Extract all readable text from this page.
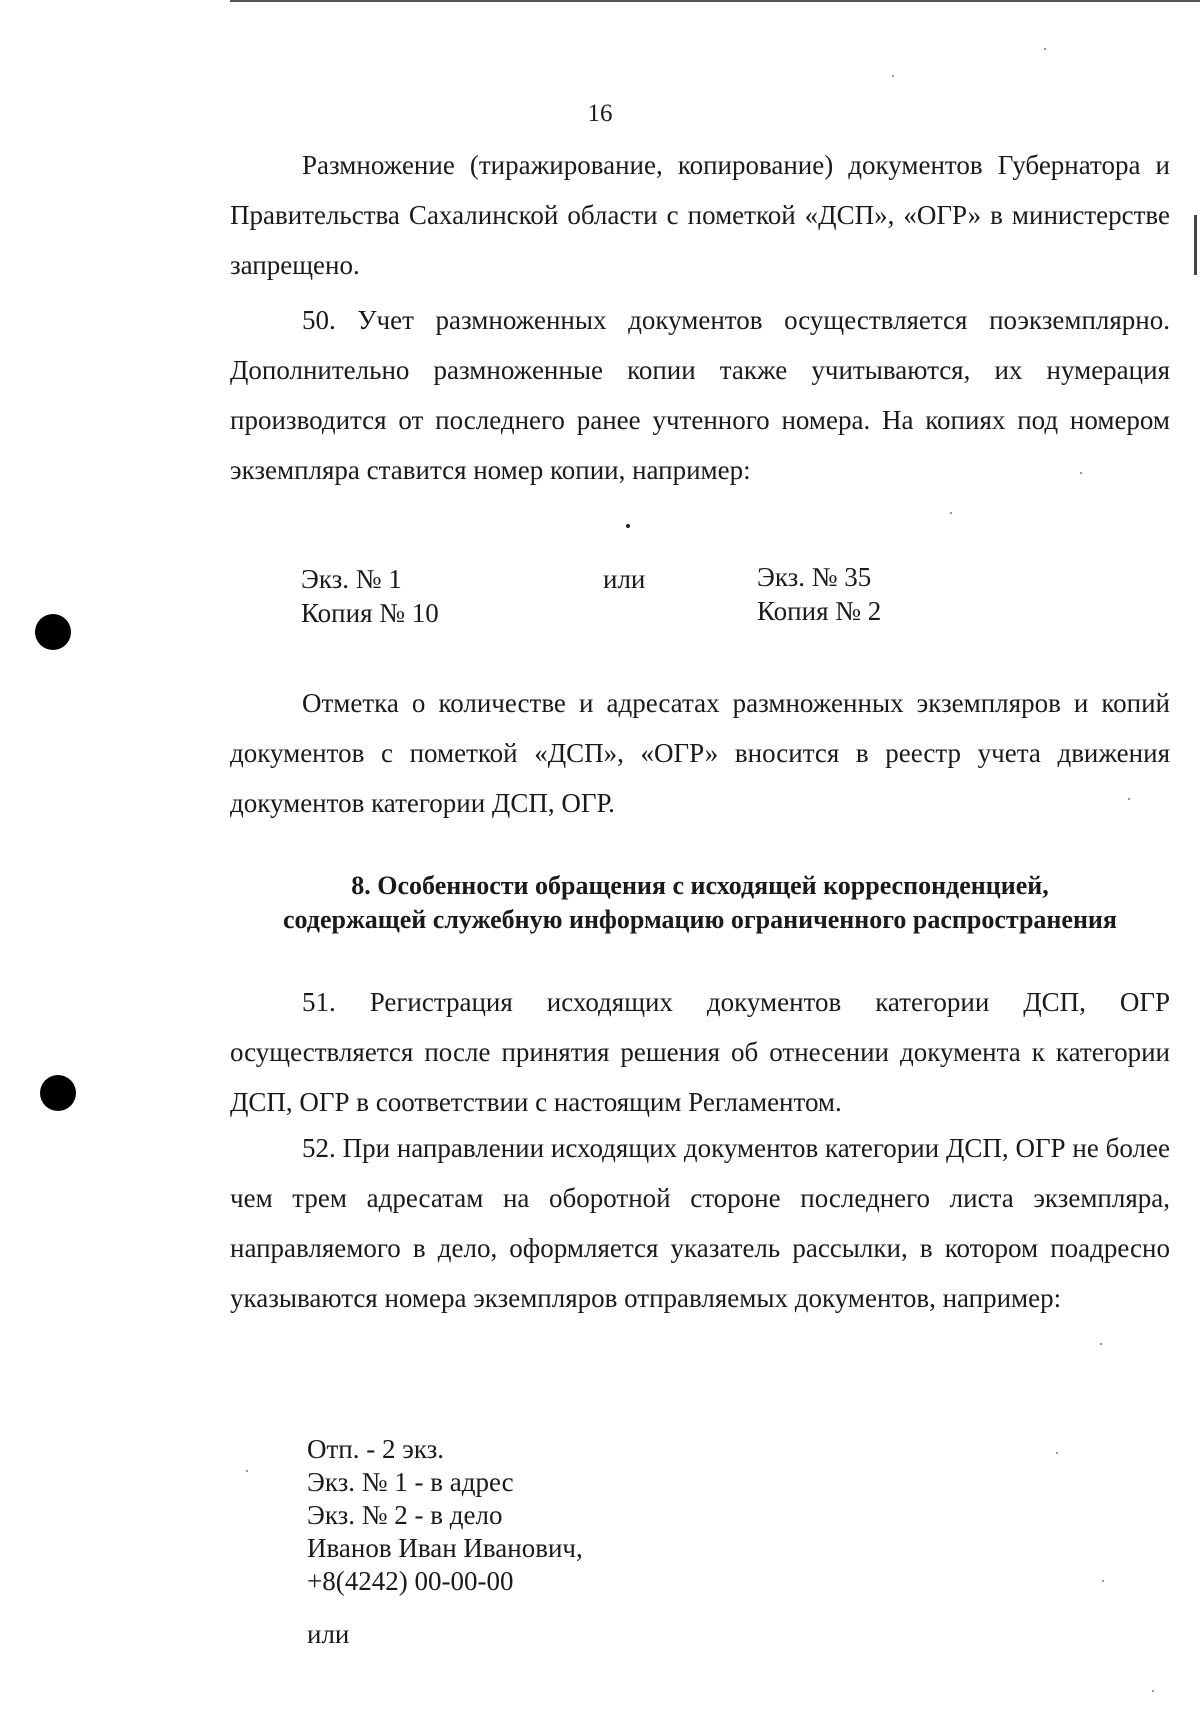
16

Размножение (тиражирование, копирование) документов Губернатора и Правительства Сахалинской области с пометкой «ДСП», «ОГР» в министерстве запрещено.

50. Учет размноженных документов осуществляется поэкземплярно. Дополнительно размноженные копии также учитываются, их нумерация производится от последнего ранее учтенного номера. На копиях под номером экземпляра ставится номер копии, например:

Экз. № 1
Копия № 10
или	Экз. № 35
Копия № 2

Отметка о количестве и адресатах размноженных экземпляров и копий документов с пометкой «ДСП», «ОГР» вносится в реестр учета движения документов категории ДСП, ОГР.

8. Особенности обращения с исходящей корреспонденцией,
содержащей служебную информацию ограниченного распространения

51. Регистрация исходящих документов категории ДСП, ОГР осуществляется после принятия решения об отнесении документа к категории ДСП, ОГР в соответствии с настоящим Регламентом.

52. При направлении исходящих документов категории ДСП, ОГР не более чем трем адресатам на оборотной стороне последнего листа экземпляра, направляемого в дело, оформляется указатель рассылки, в котором поадресно указываются номера экземпляров отправляемых документов, например:

Отп. - 2 экз.
Экз. № 1 - в адрес
Экз. № 2 - в дело
Иванов Иван Иванович,
+8(4242) 00-00-00
или
